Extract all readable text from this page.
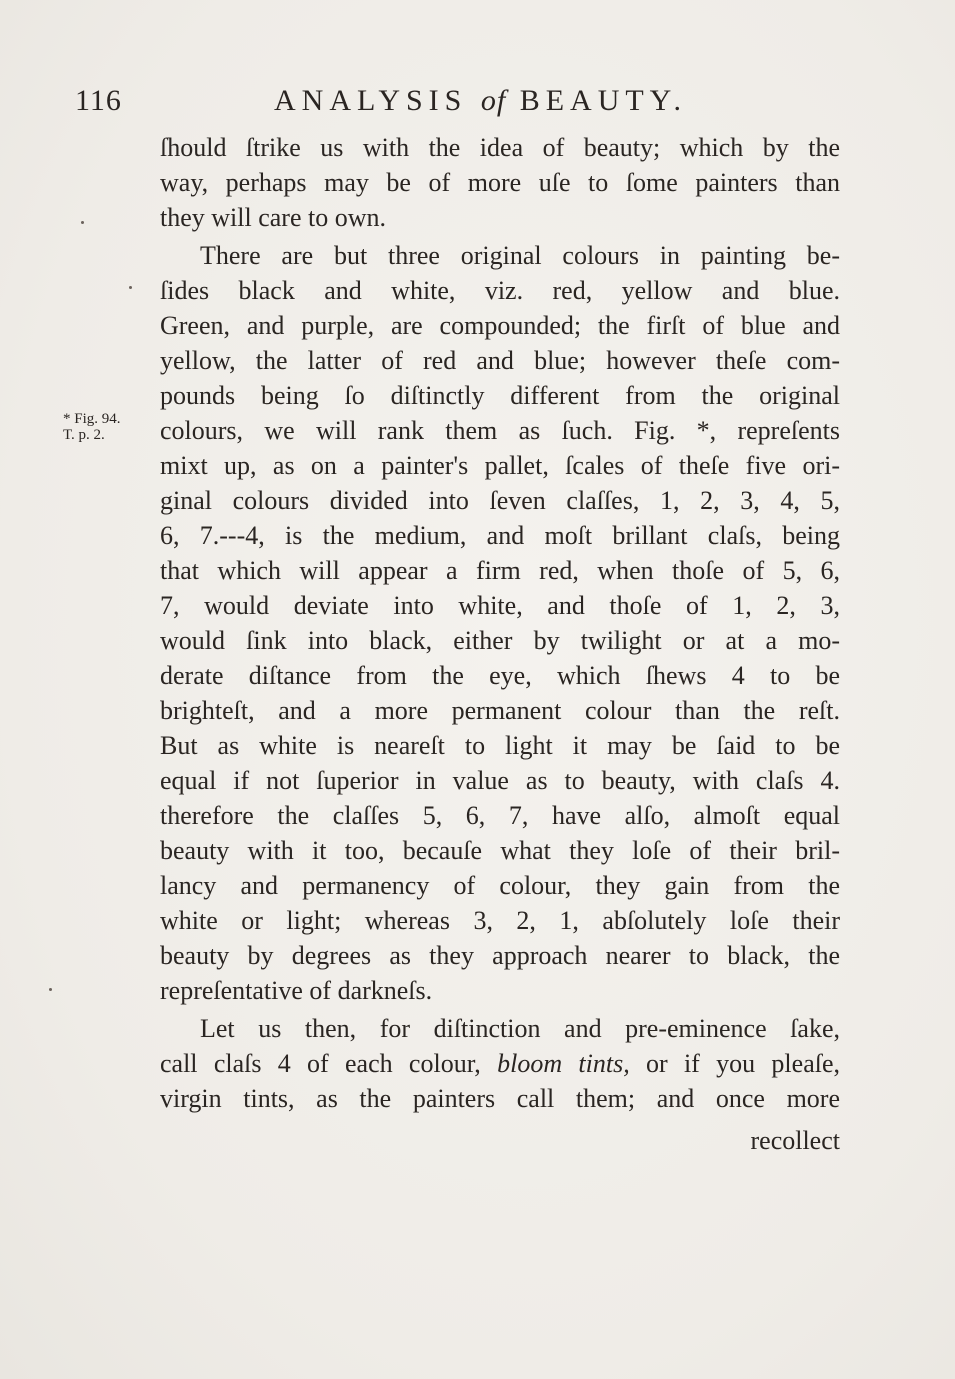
116	ANALYSIS of BEAUTY.
* Fig. 94.
T. p. 2.
ſhould ſtrike us with the idea of beauty; which by the
way, perhaps may be of more uſe to ſome painters than
they will care to own.
There are but three original colours in painting be-
ſides black and white, viz. red, yellow and blue.
Green, and purple, are compounded; the firſt of blue and
yellow, the latter of red and blue; however theſe com-
pounds being ſo diſtinctly different from the original
colours, we will rank them as ſuch. Fig. *, repreſents
mixt up, as on a painter's pallet, ſcales of theſe five ori-
ginal colours divided into ſeven claſſes, 1, 2, 3, 4, 5,
6, 7.---4, is the medium, and moſt brillant claſs, being
that which will appear a firm red, when thoſe of 5, 6,
7, would deviate into white, and thoſe of 1, 2, 3,
would ſink into black, either by twilight or at a mo-
derate diſtance from the eye, which ſhews 4 to be
brighteſt, and a more permanent colour than the reſt.
But as white is neareſt to light it may be ſaid to be
equal if not ſuperior in value as to beauty, with claſs 4.
therefore the claſſes 5, 6, 7, have alſo, almoſt equal
beauty with it too, becauſe what they loſe of their bril-
lancy and permanency of colour, they gain from the
white or light; whereas 3, 2, 1, abſolutely loſe their
beauty by degrees as they approach nearer to black, the
repreſentative of darkneſs.
Let us then, for diſtinction and pre-eminence ſake,
call claſs 4 of each colour, bloom tints, or if you pleaſe,
virgin tints, as the painters call them; and once more
recollect
